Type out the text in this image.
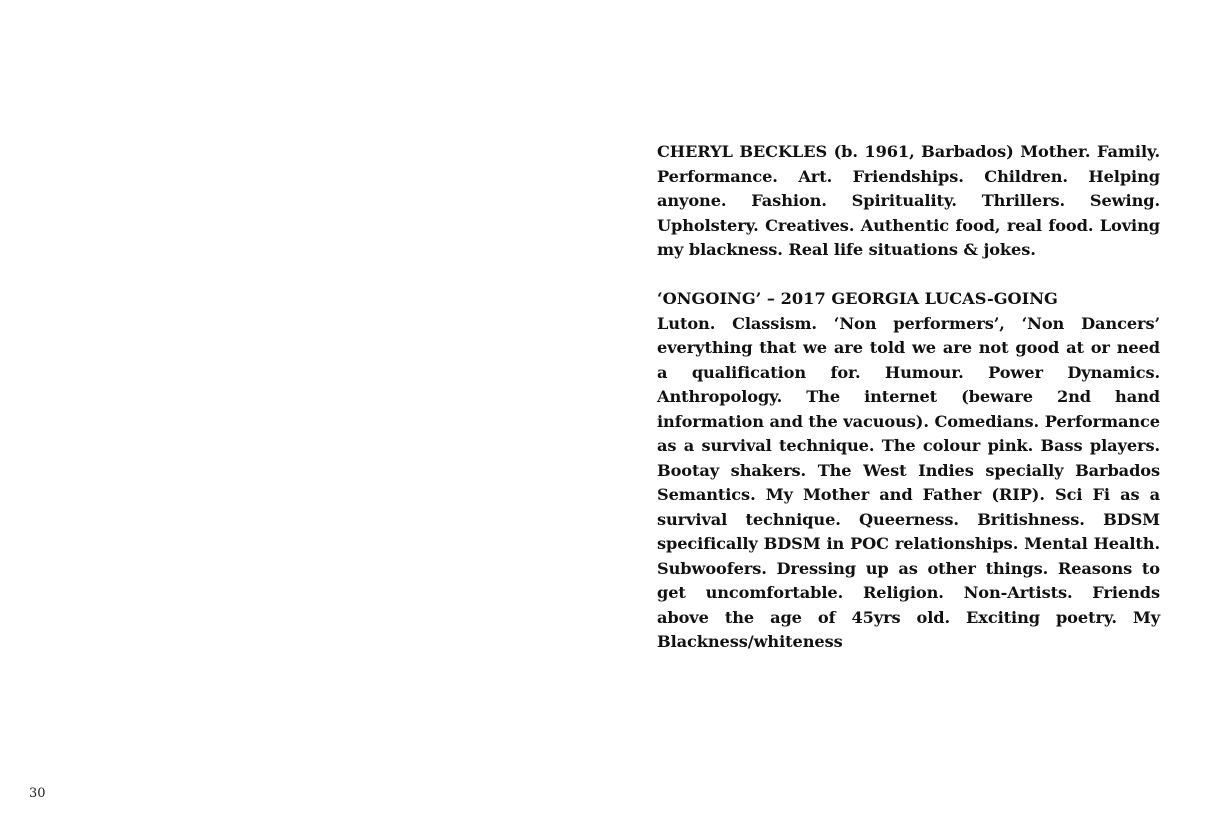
CHERYL BECKLES (b. 1961, Barbados) Mother. Family. Performance. Art. Friendships. Children. Helping anyone. Fashion. Spirituality. Thrillers. Sewing. Upholstery. Creatives. Authentic food, real food. Loving my blackness. Real life situations & jokes.

‘ONGOING’ – 2017 GEORGIA LUCAS-GOING

Luton. Classism. ‘Non performers’, ‘Non Dancers’ everything that we are told we are not good at or need a qualification for. Humour. Power Dynamics. Anthropology. The internet (beware 2nd hand information and the vacuous). Comedians. Performance as a survival technique. The colour pink. Bass players. Bootay shakers. The West Indies specially Barbados Semantics. My Mother and Father (RIP). Sci Fi as a survival technique. Queerness. Britishness. BDSM specifically BDSM in POC relationships. Mental Health. Subwoofers. Dressing up as other things. Reasons to get uncomfortable. Religion. Non-Artists. Friends above the age of 45yrs old. Exciting poetry. My Blackness/whiteness

30
